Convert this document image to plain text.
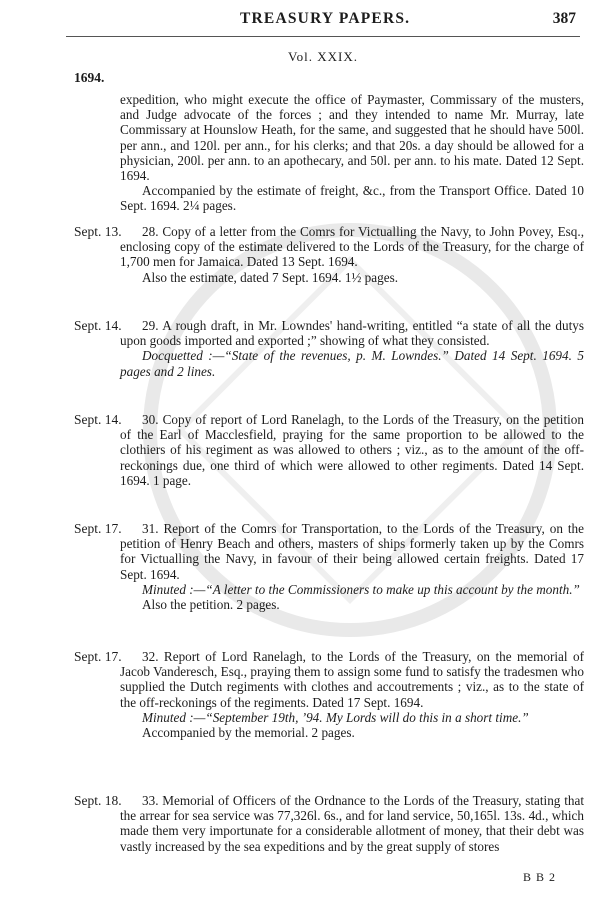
TREASURY PAPERS.	387
Vol. XXIX.
1694.

expedition, who might execute the office of Paymaster, Commissary of the musters, and Judge advocate of the forces ; and they intended to name Mr. Murray, late Commissary at Hounslow Heath, for the same, and suggested that he should have 500l. per ann., and 120l. per ann., for his clerks; and that 20s. a day should be allowed for a physician, 200l. per ann. to an apothecary, and 50l. per ann. to his mate. Dated 12 Sept. 1694.

Accompanied by the estimate of freight, &c., from the Transport Office. Dated 10 Sept. 1694. 2¼ pages.

Sept. 13.	28. Copy of a letter from the Comrs for Victualling the Navy, to John Povey, Esq., enclosing copy of the estimate delivered to the Lords of the Treasury, for the charge of 1,700 men for Jamaica. Dated 13 Sept. 1694.

Also the estimate, dated 7 Sept. 1694. 1½ pages.

Sept. 14.	29. A rough draft, in Mr. Lowndes' hand-writing, entitled “a state of all the dutys upon goods imported and exported ;” showing of what they consisted.

Docquetted :—“State of the revenues, p. M. Lowndes.” Dated 14 Sept. 1694. 5 pages and 2 lines.

Sept. 14.	30. Copy of report of Lord Ranelagh, to the Lords of the Treasury, on the petition of the Earl of Macclesfield, praying for the same proportion to be allowed to the clothiers of his regiment as was allowed to others ; viz., as to the amount of the off-reckonings due, one third of which were allowed to other regiments. Dated 14 Sept. 1694. 1 page.

Sept. 17.	31. Report of the Comrs for Transportation, to the Lords of the Treasury, on the petition of Henry Beach and others, masters of ships formerly taken up by the Comrs for Victualling the Navy, in favour of their being allowed certain freights. Dated 17 Sept. 1694.

Minuted :—“A letter to the Commissioners to make up this account by the month.”

Also the petition. 2 pages.

Sept. 17.	32. Report of Lord Ranelagh, to the Lords of the Treasury, on the memorial of Jacob Vanderesch, Esq., praying them to assign some fund to satisfy the tradesmen who supplied the Dutch regiments with clothes and accoutrements ; viz., as to the state of the off-reckonings of the regiments. Dated 17 Sept. 1694.

Minuted :—“September 19th, ’94. My Lords will do this in a short time.”

Accompanied by the memorial. 2 pages.

Sept. 18.	33. Memorial of Officers of the Ordnance to the Lords of the Treasury, stating that the arrear for sea service was 77,326l. 6s., and for land service, 50,165l. 13s. 4d., which made them very importunate for a considerable allotment of money, that their debt was vastly increased by the sea expeditions and by the great supply of stores

B B 2
